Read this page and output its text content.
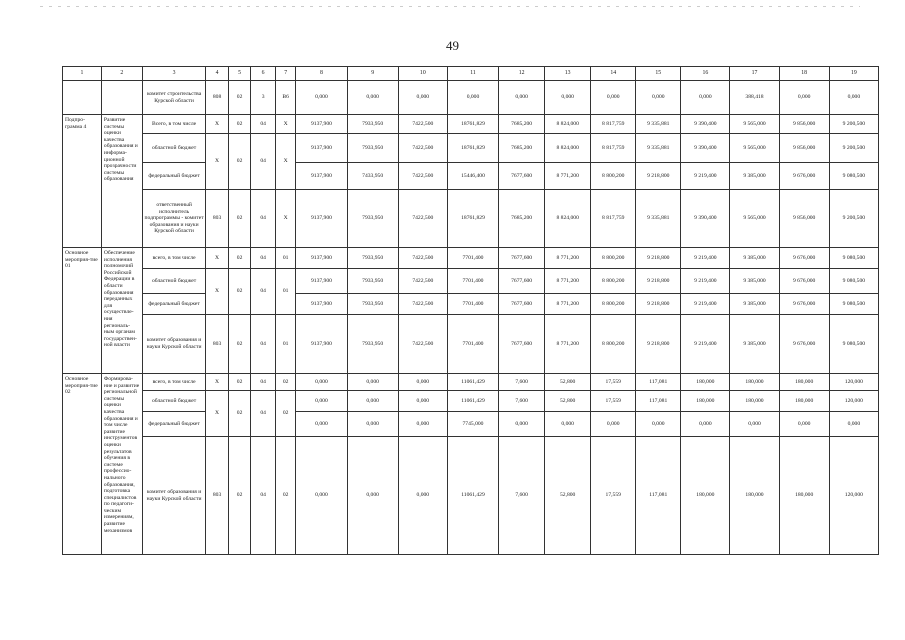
49
1	2	3	4	5	6	7	8	9	10	11	12	13	14	15	16	17	18	19
		комитет строительства Курской области	808	02	3	В6	0,000	0,000	0,000	0,000	0,000	0,000	0,000	0,000	0,000	388,418	0,000	0,000
Подпро-грамма 4	Развитие системы оценки качества образования и информа-ционной прозрачности системы образования	Всего, в том числе	Х	02	04	Х	9137,900	7933,950	7422,500	18761,829	7685,200	8 824,000	8 817,759	9 335,881	9 390,400	9 565,000	9 856,000	9 200,500
		областной бюджет	Х	02	04	Х	9137,900	7933,950	7422,500	18761,829	7685,200	8 824,000	8 817,759	9 335,881	9 390,400	9 565,000	9 856,000	9 200,500
		федеральный бюджет					9137,900	7433,950	7422,500	15446,400	7677,600	8 771,200	8 800,200	9 218,800	9 219,400	9 385,000	9 676,000	9 080,500
		ответственный исполнитель подпрограммы - комитет образования и науки Курской области	803	02	04	Х	9137,900	7933,950	7422,500	18761,829	7685,200	8 824,000	8 817,759	9 335,881	9 390,400	9 565,000	9 856,000	9 200,500
Основное мероприя-тие 01	Обеспечение исполнения полномочий Российской Федерации в области образования переданных для осуществле-ния региональ-ным органам государствен-ной власти	всего, в том числе	Х	02	04	01	9137,900	7933,950	7422,500	7701,400	7677,600	8 771,200	8 800,200	9 218,800	9 219,400	9 385,000	9 676,000	9 080,500
		областной бюджет	Х	02	04	01	9137,900	7933,950	7422,500	7701,400	7677,600	8 771,200	8 800,200	9 218,800	9 219,400	9 385,000	9 676,000	9 080,500
		федеральный бюджет					9137,900	7933,950	7422,500	7701,400	7677,600	8 771,200	8 800,200	9 218,800	9 219,400	9 385,000	9 676,000	9 080,500
		комитет образования и науки Курской области	803	02	04	01	9137,900	7933,950	7422,500	7701,400	7677,600	8 771,200	8 800,200	9 218,800	9 219,400	9 385,000	9 676,000	9 080,500
Основное мероприя-тие 02	Формирова-ние и развитие региональной системы оценки качества образования и том числе развитие инструментов оценки результатов обучения в системе профессио-нального образования, подготовка специалистов по педагоги-ческим измерениям, развитие механизмов	всего, в том числе	Х	02	04	02	0,000	0,000	0,000	11061,429	7,600	52,800	17,559	117,081	180,000	180,000	180,000	120,000
		областной бюджет	Х	02	04	02	0,000	0,000	0,000	11061,429	7,600	52,800	17,559	117,081	180,000	180,000	180,000	120,000
		федеральный бюджет					0,000	0,000	0,000	7745,000	0,000	0,000	0,000	0,000	0,000	0,000	0,000	0,000
		комитет образования и науки Курской области	803	02	04	02	0,000	0,000	0,000	11061,429	7,600	52,800	17,559	117,081	180,000	180,000	180,000	120,000
